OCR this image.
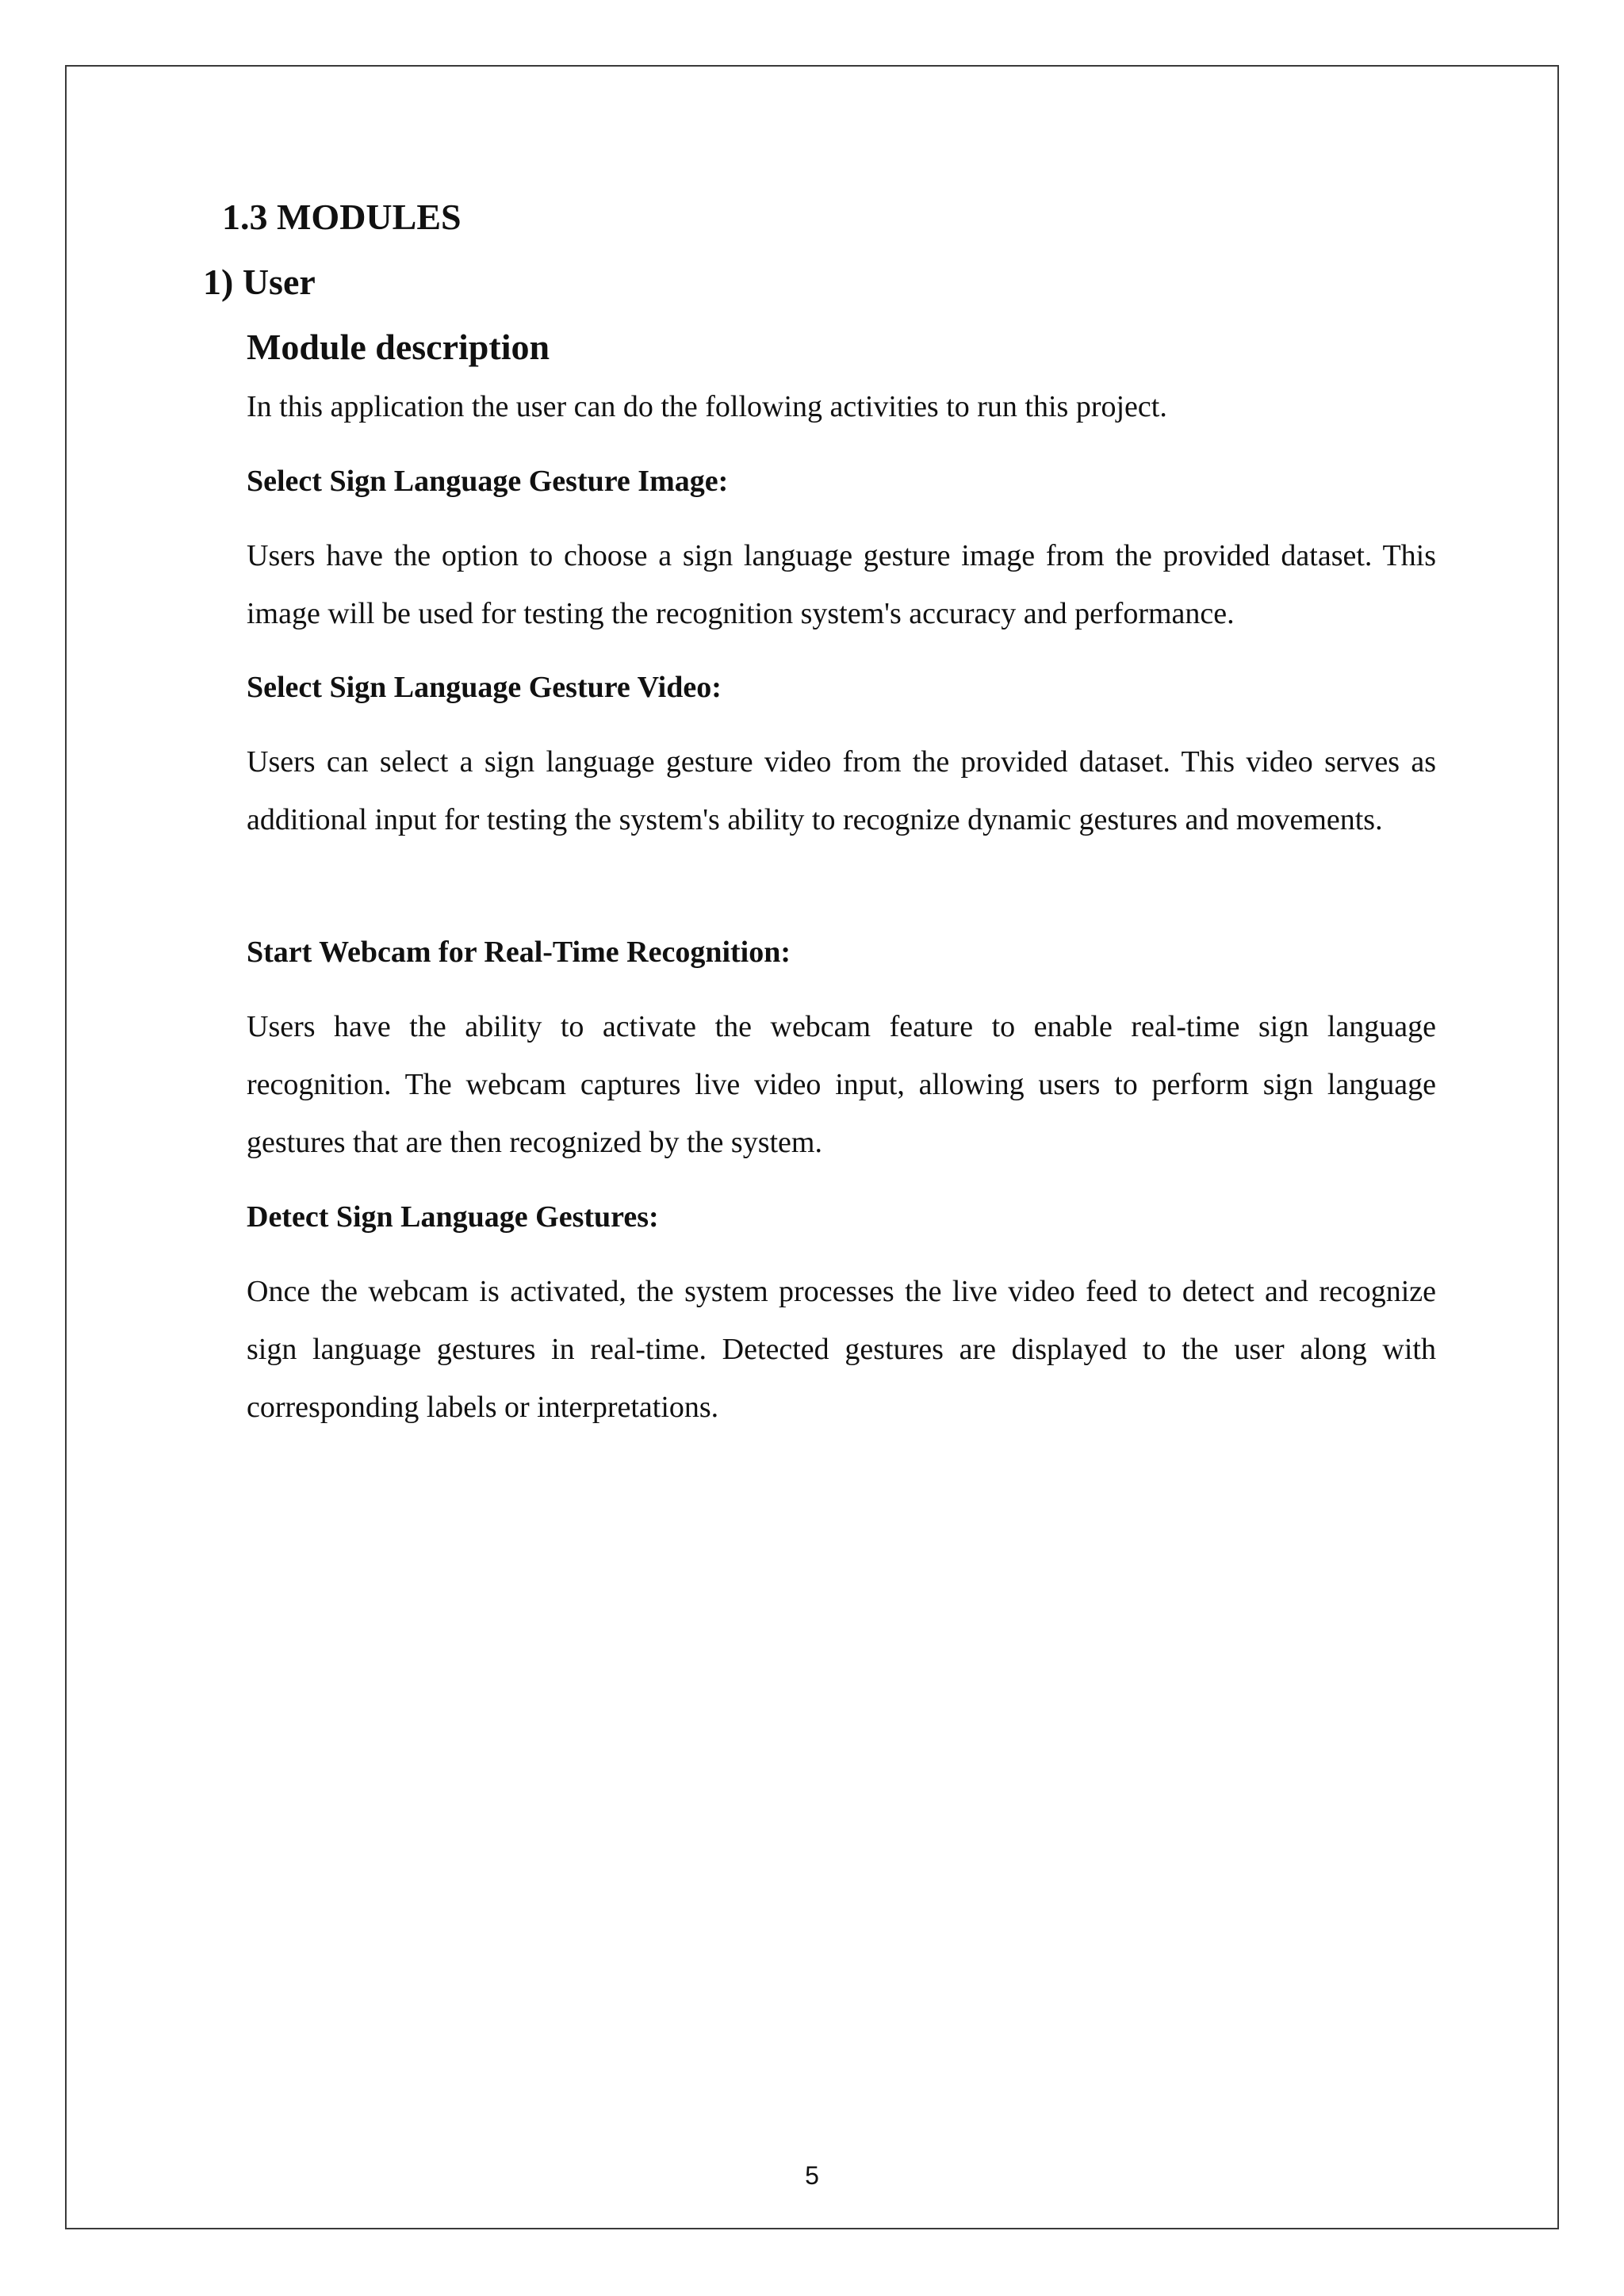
1.3 MODULES
1) User
Module description

In this application the user can do the following activities to run this project.

Select Sign Language Gesture Image:

Users have the option to choose a sign language gesture image from the provided dataset. This image will be used for testing the recognition system's accuracy and performance.

Select Sign Language Gesture Video:

Users can select a sign language gesture video from the provided dataset. This video serves as additional input for testing the system's ability to recognize dynamic gestures and movements.

Start Webcam for Real-Time Recognition:

Users have the ability to activate the webcam feature to enable real-time sign language recognition. The webcam captures live video input, allowing users to perform sign language gestures that are then recognized by the system.

Detect Sign Language Gestures:

Once the webcam is activated, the system processes the live video feed to detect and recognize sign language gestures in real-time. Detected gestures are displayed to the user along with corresponding labels or interpretations.

5
